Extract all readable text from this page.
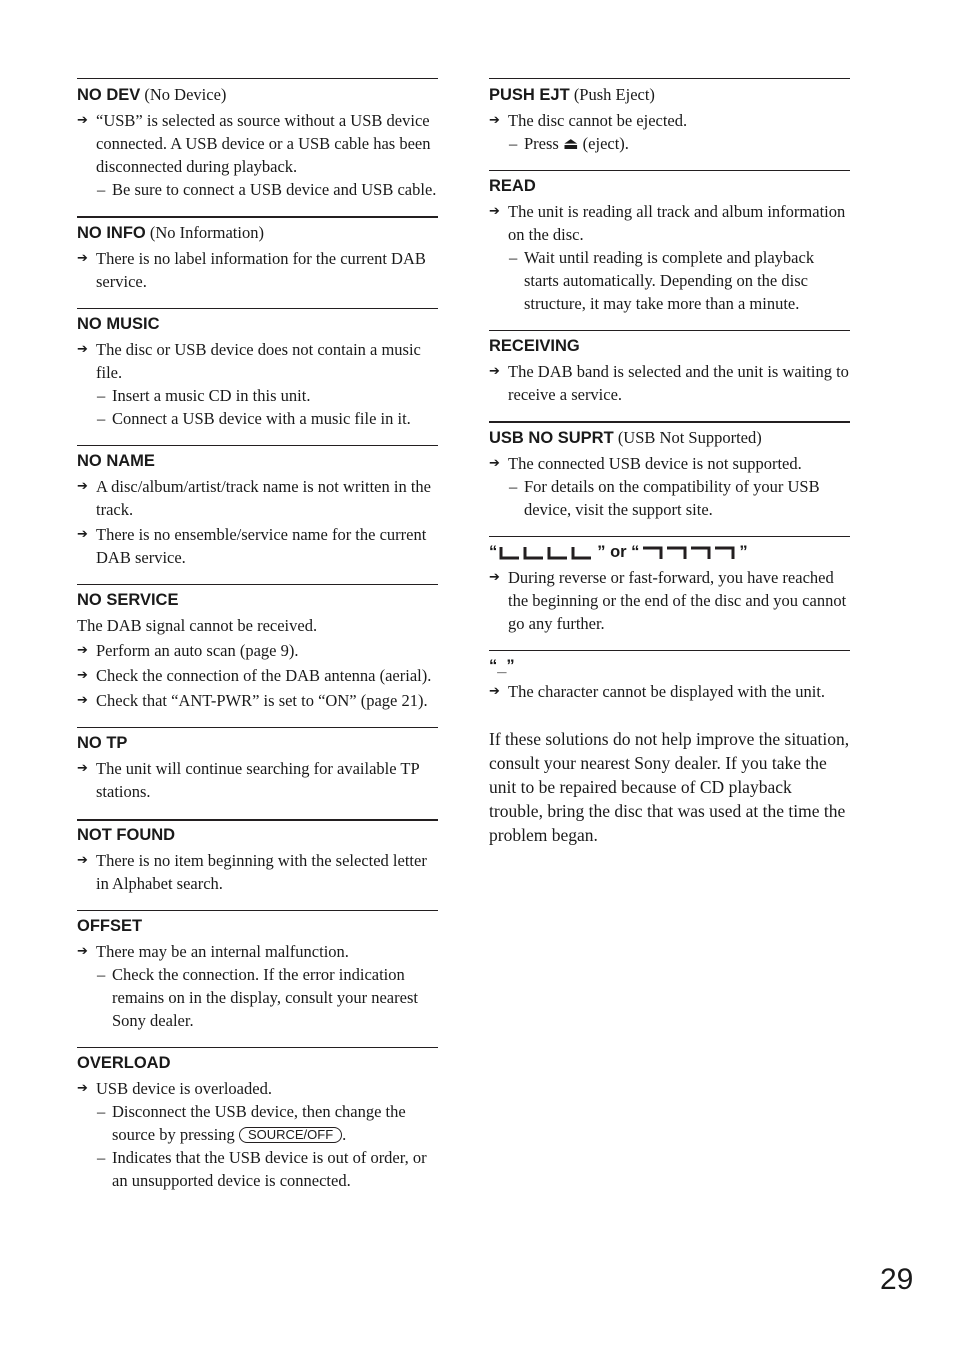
NO DEV (No Device)
➔ “USB” is selected as source without a USB device connected. A USB device or a USB cable has been disconnected during playback.
– Be sure to connect a USB device and USB cable.
NO INFO (No Information)
➔ There is no label information for the current DAB service.
NO MUSIC
➔ The disc or USB device does not contain a music file.
– Insert a music CD in this unit.
– Connect a USB device with a music file in it.
NO NAME
➔ A disc/album/artist/track name is not written in the track.
➔ There is no ensemble/service name for the current DAB service.
NO SERVICE
The DAB signal cannot be received.
➔ Perform an auto scan (page 9).
➔ Check the connection of the DAB antenna (aerial).
➔ Check that “ANT-PWR” is set to “ON” (page 21).
NO TP
➔ The unit will continue searching for available TP stations.
NOT FOUND
➔ There is no item beginning with the selected letter in Alphabet search.
OFFSET
➔ There may be an internal malfunction.
– Check the connection. If the error indication remains on in the display, consult your nearest Sony dealer.
OVERLOAD
➔ USB device is overloaded.
– Disconnect the USB device, then change the source by pressing SOURCE/OFF .
– Indicates that the USB device is out of order, or an unsupported device is connected.
PUSH EJT (Push Eject)
➔ The disc cannot be ejected.
– Press ⏏ (eject).
READ
➔ The unit is reading all track and album information on the disc.
– Wait until reading is complete and playback starts automatically. Depending on the disc structure, it may take more than a minute.
RECEIVING
➔ The DAB band is selected and the unit is waiting to receive a service.
USB NO SUPRT (USB Not Supported)
➔ The connected USB device is not supported.
– For details on the compatibility of your USB device, visit the support site.
“	” or “	”
➔ During reverse or fast-forward, you have reached the beginning or the end of the disc and you cannot go any further.
“_”
➔ The character cannot be displayed with the unit.
If these solutions do not help improve the situation, consult your nearest Sony dealer. If you take the unit to be repaired because of CD playback trouble, bring the disc that was used at the time the problem began.
29
